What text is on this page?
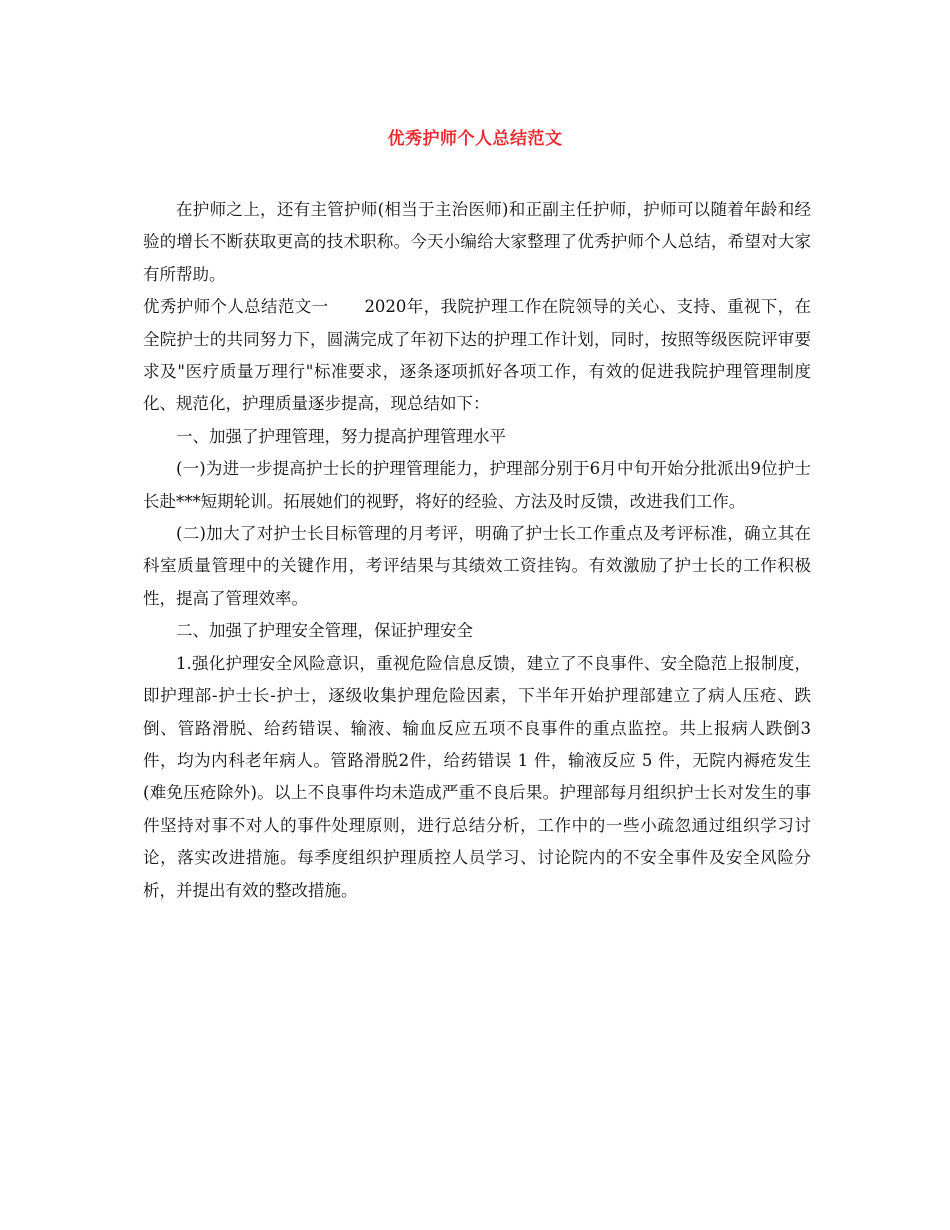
优秀护师个人总结范文

在护师之上，还有主管护师(相当于主治医师)和正副主任护师，护师可以随着年龄和经验的增长不断获取更高的技术职称。今天小编给大家整理了优秀护师个人总结，希望对大家有所帮助。

优秀护师个人总结范文一 2020年，我院护理工作在院领导的关心、支持、重视下，在全院护士的共同努力下，圆满完成了年初下达的护理工作计划，同时，按照等级医院评审要求及"医疗质量万理行"标准要求，逐条逐项抓好各项工作，有效的促进我院护理管理制度化、规范化，护理质量逐步提高，现总结如下：

一、加强了护理管理，努力提高护理管理水平

(一)为进一步提高护士长的护理管理能力，护理部分别于6月中旬开始分批派出9位护士长赴***短期轮训。拓展她们的视野，将好的经验、方法及时反馈，改进我们工作。

(二)加大了对护士长目标管理的月考评，明确了护士长工作重点及考评标准，确立其在科室质量管理中的关键作用，考评结果与其绩效工资挂钩。有效激励了护士长的工作积极性，提高了管理效率。

二、加强了护理安全管理，保证护理安全

1.强化护理安全风险意识，重视危险信息反馈，建立了不良事件、安全隐范上报制度，即护理部-护士长-护士，逐级收集护理危险因素，下半年开始护理部建立了病人压疮、跌倒、管路滑脱、给药错误、输液、输血反应五项不良事件的重点监控。共上报病人跌倒3件，均为内科老年病人。管路滑脱2件，给药错误 1 件，输液反应 5 件，无院内褥疮发生(难免压疮除外)。以上不良事件均未造成严重不良后果。护理部每月组织护士长对发生的事件坚持对事不对人的事件处理原则，进行总结分析，工作中的一些小疏忽通过组织学习讨论，落实改进措施。每季度组织护理质控人员学习、讨论院内的不安全事件及安全风险分析，并提出有效的整改措施。
